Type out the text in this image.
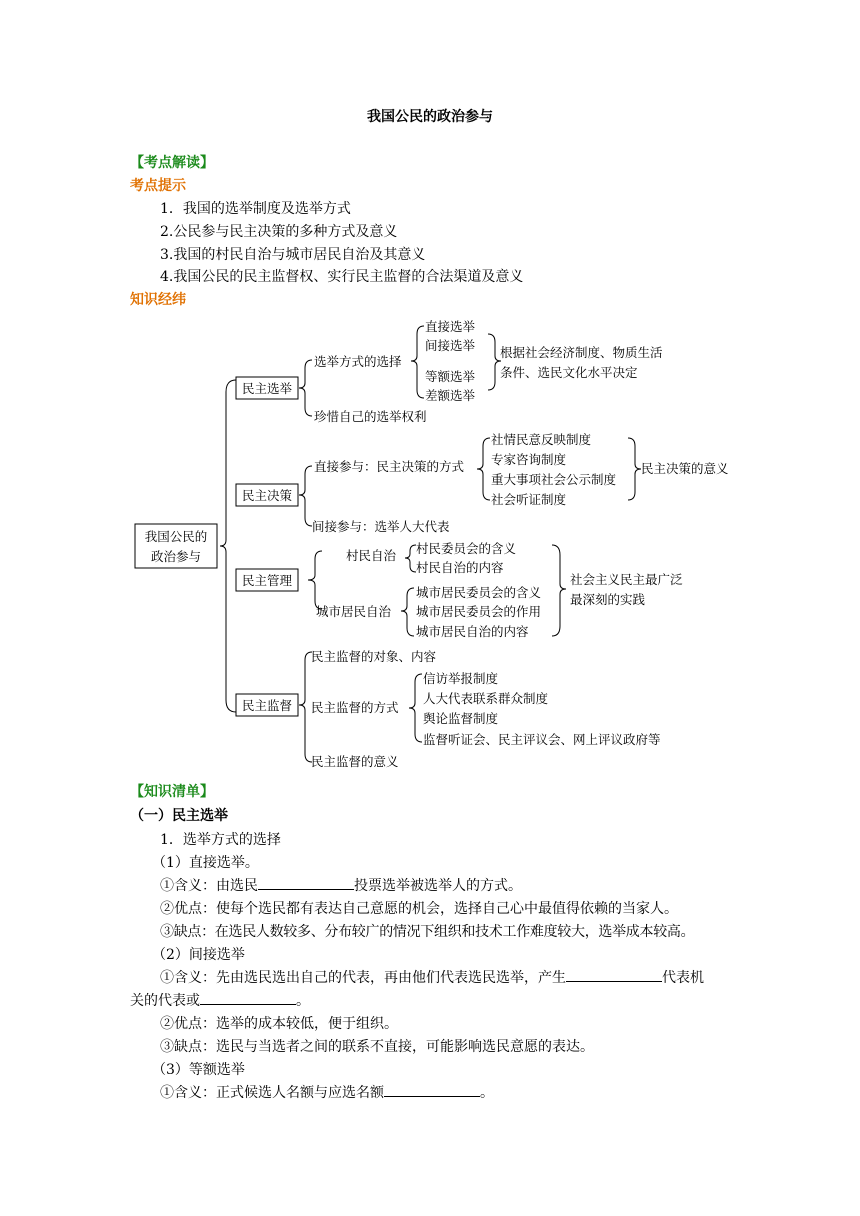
我国公民的政治参与
【考点解读】
考点提示
1．我国的选举制度及选举方式
2.公民参与民主决策的多种方式及意义
3.我国的村民自治与城市居民自治及其意义
4.我国公民的民主监督权、实行民主监督的合法渠道及意义
知识经纬
我国公民的
政治参与
民主选举
民主决策
民主管理
民主监督
选举方式的选择
珍惜自己的选举权利
直接选举
间接选举
等额选举
差额选举
根据社会经济制度、物质生活
条件、选民文化水平决定
直接参与：民主决策的方式
间接参与：选举人大代表
社情民意反映制度
专家咨询制度
重大事项社会公示制度
社会听证制度
民主决策的意义
村民自治
城市居民自治
村民委员会的含义
村民自治的内容
城市居民委员会的含义
城市居民委员会的作用
城市居民自治的内容
社会主义民主最广泛
最深刻的实践
民主监督的对象、内容
民主监督的方式
民主监督的意义
信访举报制度
人大代表联系群众制度
舆论监督制度
监督听证会、民主评议会、网上评议政府等
【知识清单】
（一）民主选举
1．选举方式的选择
（1）直接选举。
①含义：由选民	投票选举被选举人的方式。
②优点：使每个选民都有表达自己意愿的机会，选择自己心中最值得依赖的当家人。
③缺点：在选民人数较多、分布较广的情况下组织和技术工作难度较大，选举成本较高。
（2）间接选举
①含义：先由选民选出自己的代表，再由他们代表选民选举，产生	代表机
关的代表或	。
②优点：选举的成本较低，便于组织。
③缺点：选民与当选者之间的联系不直接，可能影响选民意愿的表达。
（3）等额选举
①含义：正式候选人名额与应选名额	。
